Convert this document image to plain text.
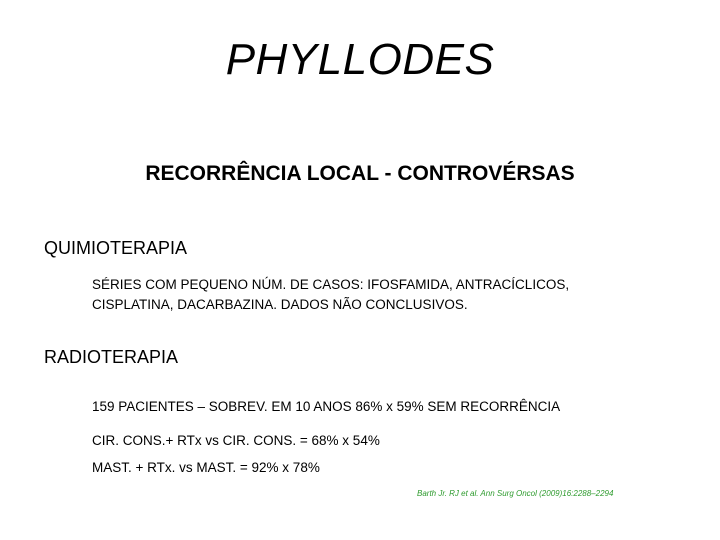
PHYLLODES
RECORRÊNCIA LOCAL - CONTROVÉRSAS
QUIMIOTERAPIA
SÉRIES COM PEQUENO NÚM. DE CASOS: IFOSFAMIDA, ANTRACÍCLICOS,
CISPLATINA, DACARBAZINA. DADOS NÃO CONCLUSIVOS.
RADIOTERAPIA
159 PACIENTES – SOBREV. EM 10 ANOS 86% x 59% SEM RECORRÊNCIA
CIR. CONS.+ RTx vs CIR. CONS. = 68% x 54%
MAST. + RTx. vs MAST. = 92% x 78%
Barth Jr. RJ et al. Ann Surg Oncol (2009)16:2288–2294
